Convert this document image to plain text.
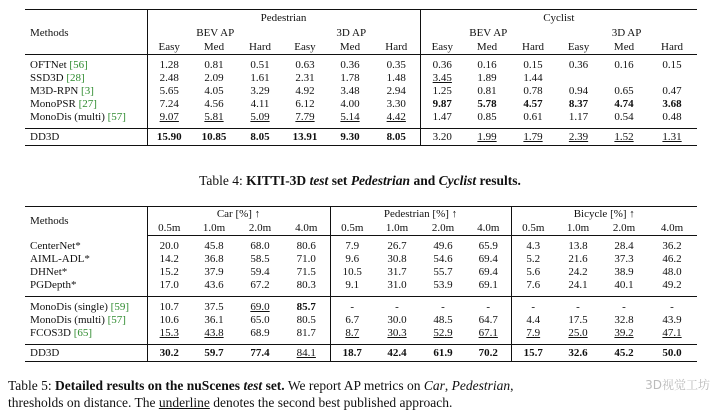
	Pedestrian						Cyclist					
Methods	BEV AP			3D AP			BEV AP			3D AP		
	Easy	Med	Hard	Easy	Med	Hard	Easy	Med	Hard	Easy	Med	Hard
OFTNet [56]	1.28	0.81	0.51	0.63	0.36	0.35	0.36	0.16	0.15	0.36	0.16	0.15
SSD3D [28]	2.48	2.09	1.61	2.31	1.78	1.48	3.45	1.89	1.44			
M3D-RPN [3]	5.65	4.05	3.29	4.92	3.48	2.94	1.25	0.81	0.78	0.94	0.65	0.47
MonoPSR [27]	7.24	4.56	4.11	6.12	4.00	3.30	9.87	5.78	4.57	8.37	4.74	3.68
MonoDis (multi) [57]	9.07	5.81	5.09	7.79	5.14	4.42	1.47	0.85	0.61	1.17	0.54	0.48
DD3D	15.90	10.85	8.05	13.91	9.30	8.05	3.20	1.99	1.79	2.39	1.52	1.31
Table 4: KITTI-3D test set Pedestrian and Cyclist results.
Methods	Car [%] ↑				Pedestrian [%] ↑				Bicycle [%] ↑			
	0.5m	1.0m	2.0m	4.0m	0.5m	1.0m	2.0m	4.0m	0.5m	1.0m	2.0m	4.0m
CenterNet*	20.0	45.8	68.0	80.6	7.9	26.7	49.6	65.9	4.3	13.8	28.4	36.2
AIML-ADL*	14.2	36.8	58.5	71.0	9.6	30.8	54.6	69.4	5.2	21.6	37.3	46.2
DHNet*	15.2	37.9	59.4	71.5	10.5	31.7	55.7	69.4	5.6	24.2	38.9	48.0
PGDepth*	17.0	43.6	67.2	80.3	9.1	31.0	53.9	69.1	7.6	24.1	40.1	49.2
MonoDis (single) [59]	10.7	37.5	69.0	85.7	-	-	-	-	-	-	-	-
MonoDis (multi) [57]	10.6	36.1	65.0	80.5	6.7	30.0	48.5	64.7	4.4	17.5	32.8	43.9
FCOS3D [65]	15.3	43.8	68.9	81.7	8.7	30.3	52.9	67.1	7.9	25.0	39.2	47.1
DD3D	30.2	59.7	77.4	84.1	18.7	42.4	61.9	70.2	15.7	32.6	45.2	50.0
Table 5: Detailed results on the nuScenes test set. We report AP metrics on Car, Pedestrian,
thresholds on distance. The underline denotes the second best published approach.
3D视觉工坊
